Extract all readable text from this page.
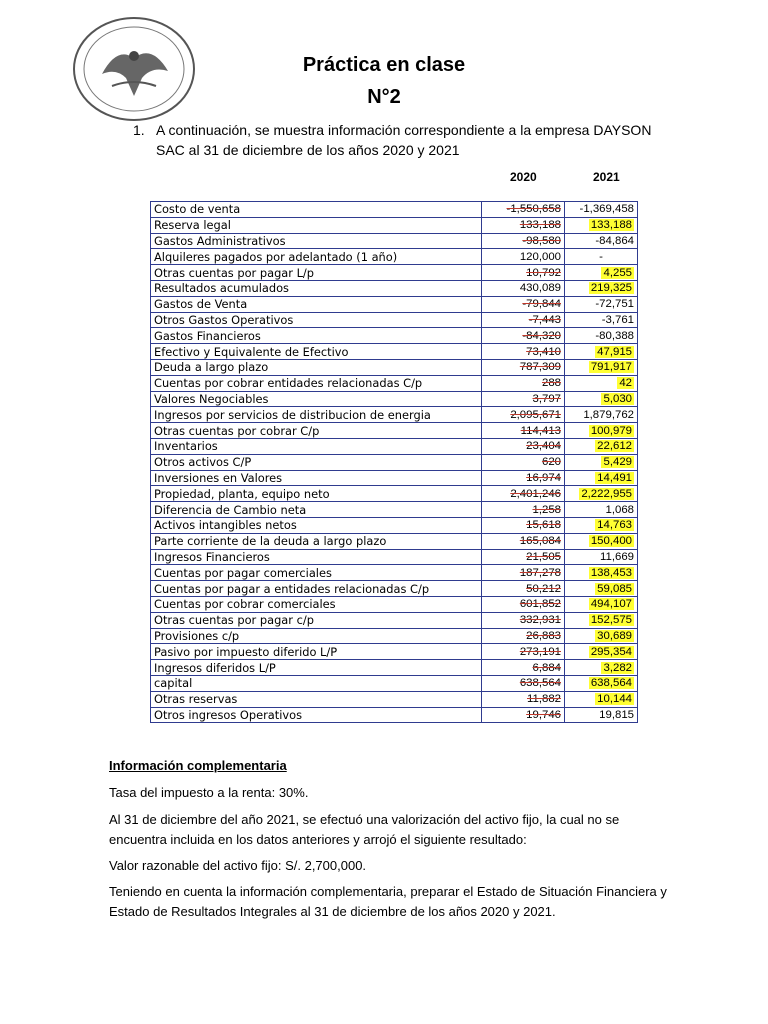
Práctica en clase
N°2
1. A continuación, se muestra información correspondiente a la empresa DAYSON SAC al 31 de diciembre de los años 2020 y 2021
2020	2021
Costo de venta	-1,550,658	-1,369,458
Reserva legal	133,188	133,188
Gastos Administrativos	-98,580	-84,864
Alquileres pagados por adelantado (1 año)	120,000	-
Otras cuentas por pagar L/p	10,792	4,255
Resultados acumulados	430,089	219,325
Gastos de Venta	-79,844	-72,751
Otros Gastos Operativos	-7,443	-3,761
Gastos Financieros	-84,320	-80,388
Efectivo y Equivalente de Efectivo	73,410	47,915
Deuda a largo plazo	787,309	791,917
Cuentas por cobrar entidades relacionadas C/p	288	42
Valores Negociables	3,797	5,030
Ingresos por servicios de distribucion de energia	2,095,671	1,879,762
Otras cuentas por cobrar C/p	114,413	100,979
Inventarios	23,404	22,612
Otros activos C/P	620	5,429
Inversiones en Valores	16,974	14,491
Propiedad, planta, equipo neto	2,401,246	2,222,955
Diferencia de Cambio neta	1,258	1,068
Activos intangibles netos	15,618	14,763
Parte corriente de la deuda a largo plazo	165,084	150,400
Ingresos Financieros	21,505	11,669
Cuentas por pagar comerciales	187,278	138,453
Cuentas por pagar a entidades relacionadas C/p	50,212	59,085
Cuentas por cobrar comerciales	601,852	494,107
Otras cuentas por pagar c/p	332,931	152,575
Provisiones c/p	26,883	30,689
Pasivo por impuesto diferido L/P	273,191	295,354
Ingresos diferidos L/P	6,884	3,282
capital	638,564	638,564
Otras reservas	11,882	10,144
Otros ingresos Operativos	19,746	19,815
Información complementaria
Tasa del impuesto a la renta: 30%.
Al 31 de diciembre del año 2021, se efectuó una valorización del activo fijo, la cual no se encuentra incluida en los datos anteriores y arrojó el siguiente resultado:
Valor razonable del activo fijo: S/. 2,700,000.
Teniendo en cuenta la información complementaria, preparar el Estado de Situación Financiera y Estado de Resultados Integrales al 31 de diciembre de los años 2020 y 2021.
